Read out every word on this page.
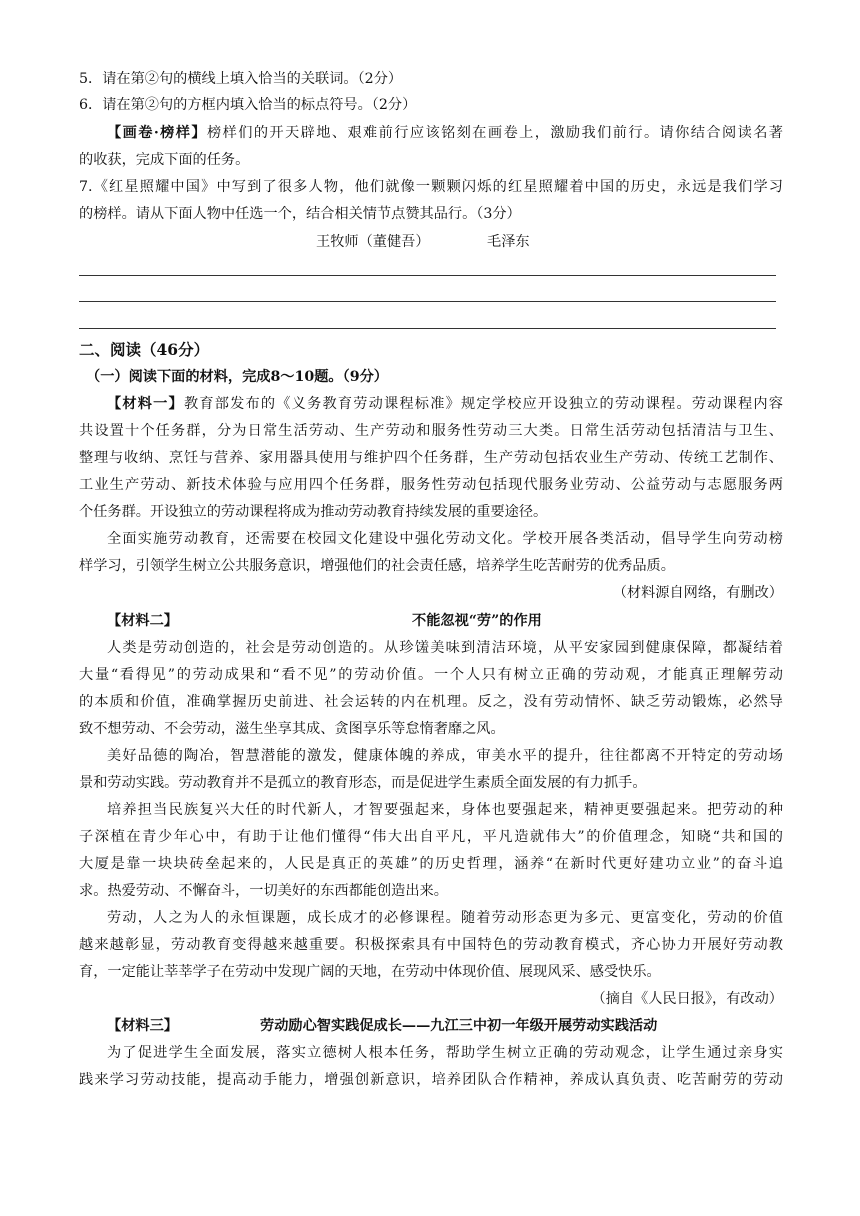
5．请在第②句的横线上填入恰当的关联词。（2分）
6．请在第②句的方框内填入恰当的标点符号。（2分）
【画卷·榜样】榜样们的开天辟地、艰难前行应该铭刻在画卷上，激励我们前行。请你结合阅读名著
的收获，完成下面的任务。
7.《红星照耀中国》中写到了很多人物，他们就像一颗颗闪烁的红星照耀着中国的历史，永远是我们学习
的榜样。请从下面人物中任选一个，结合相关情节点赞其品行。（3分）
王牧师（董健吾）	毛泽东
二、阅读（46分）
（一）阅读下面的材料，完成8～10题。（9分）
【材料一】教育部发布的《义务教育劳动课程标准》规定学校应开设独立的劳动课程。劳动课程内容
共设置十个任务群，分为日常生活劳动、生产劳动和服务性劳动三大类。日常生活劳动包括清洁与卫生、
整理与收纳、烹饪与营养、家用器具使用与维护四个任务群，生产劳动包括农业生产劳动、传统工艺制作、
工业生产劳动、新技术体验与应用四个任务群，服务性劳动包括现代服务业劳动、公益劳动与志愿服务两
个任务群。开设独立的劳动课程将成为推动劳动教育持续发展的重要途径。
全面实施劳动教育，还需要在校园文化建设中强化劳动文化。学校开展各类活动，倡导学生向劳动榜
样学习，引领学生树立公共服务意识，增强他们的社会责任感，培养学生吃苦耐劳的优秀品质。
（材料源自网络，有删改）
【材料二】	不能忽视“劳”的作用
人类是劳动创造的，社会是劳动创造的。从珍馐美味到清洁环境，从平安家园到健康保障，都凝结着
大量“看得见”的劳动成果和“看不见”的劳动价值。一个人只有树立正确的劳动观，才能真正理解劳动
的本质和价值，准确掌握历史前进、社会运转的内在机理。反之，没有劳动情怀、缺乏劳动锻炼，必然导
致不想劳动、不会劳动，滋生坐享其成、贪图享乐等怠惰奢靡之风。
美好品德的陶冶，智慧潜能的激发，健康体魄的养成，审美水平的提升，往往都离不开特定的劳动场
景和劳动实践。劳动教育并不是孤立的教育形态，而是促进学生素质全面发展的有力抓手。
培养担当民族复兴大任的时代新人，才智要强起来，身体也要强起来，精神更要强起来。把劳动的种
子深植在青少年心中，有助于让他们懂得“伟大出自平凡，平凡造就伟大”的价值理念，知晓“共和国的
大厦是靠一块块砖垒起来的，人民是真正的英雄”的历史哲理，涵养“在新时代更好建功立业”的奋斗追
求。热爱劳动、不懈奋斗，一切美好的东西都能创造出来。
劳动，人之为人的永恒课题，成长成才的必修课程。随着劳动形态更为多元、更富变化，劳动的价值
越来越彰显，劳动教育变得越来越重要。积极探索具有中国特色的劳动教育模式，齐心协力开展好劳动教
育，一定能让莘莘学子在劳动中发现广阔的天地，在劳动中体现价值、展现风采、感受快乐。
（摘自《人民日报》，有改动）
【材料三】	劳动励心智实践促成长——九江三中初一年级开展劳动实践活动
为了促进学生全面发展，落实立德树人根本任务，帮助学生树立正确的劳动观念，让学生通过亲身实
践来学习劳动技能，提高动手能力，增强创新意识，培养团队合作精神，养成认真负责、吃苦耐劳的劳动
